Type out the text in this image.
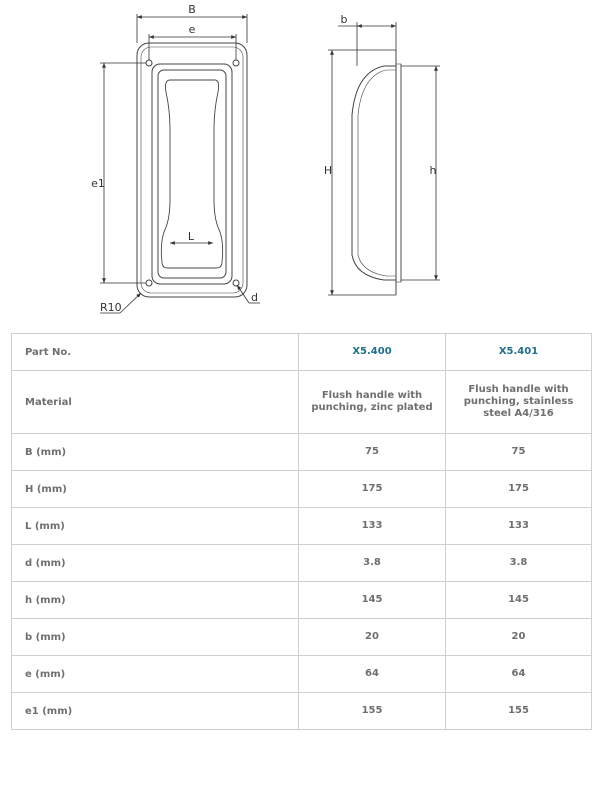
B
e
e1
L
R10
d
b
H	h
Part No.	X5.400	X5.401
Material	Flush handle with punching, zinc plated	Flush handle with punching, stainless steel A4/316
B (mm)	75	75
H (mm)	175	175
L (mm)	133	133
d (mm)	3.8	3.8
h (mm)	145	145
b (mm)	20	20
e (mm)	64	64
e1 (mm)	155	155
